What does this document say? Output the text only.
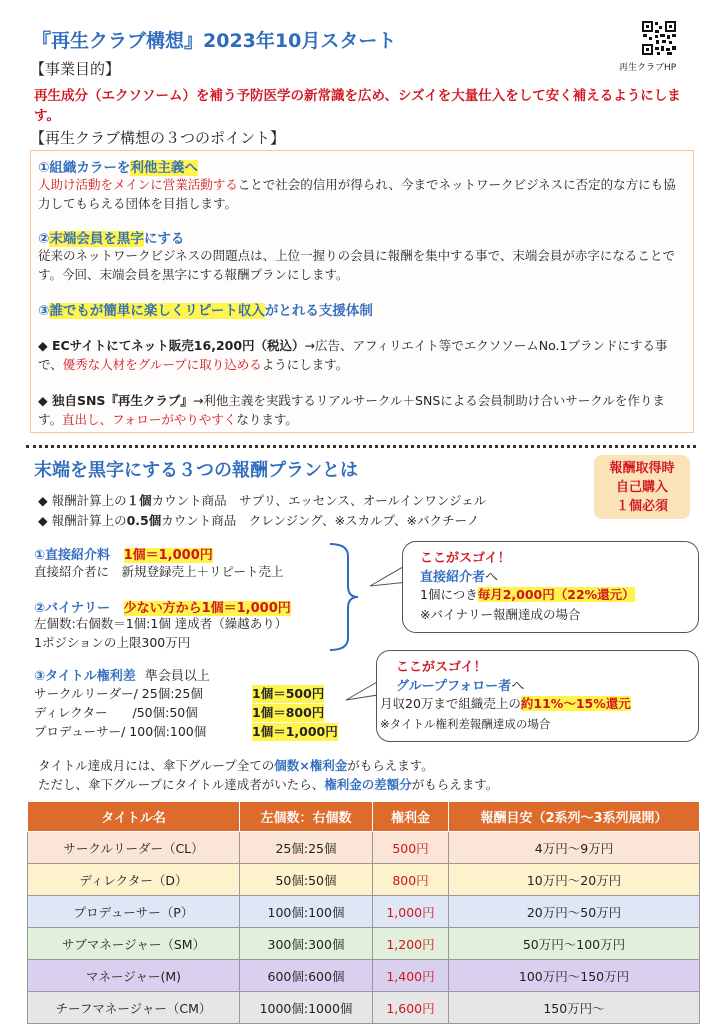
『再生クラブ構想』2023年10月スタート
再生クラブHP
【事業目的】
再生成分（エクソソーム）を補う予防医学の新常識を広め、シズイを大量仕入をして安く補えるようにします。
【再生クラブ構想の３つのポイント】
①組織カラーを利他主義へ
人助け活動をメインに営業活動することで社会的信用が得られ、今までネットワークビジネスに否定的な方にも協力してもらえる団体を目指します。
②末端会員を黒字にする
従来のネットワークビジネスの問題点は、上位一握りの会員に報酬を集中する事で、末端会員が赤字になることです。今回、末端会員を黒字にする報酬プランにします。
③誰でもが簡単に楽しくリピート収入がとれる支援体制
◆ ECサイトにてネット販売16,200円（税込）→広告、アフィリエイト等でエクソソームNo.1ブランドにする事で、優秀な人材をグループに取り込めるようにします。
◆ 独自SNS『再生クラブ』→利他主義を実践するリアルサークル＋SNSによる会員制助け合いサークルを作ります。直出し、フォローがやりやすくなります。
末端を黒字にする３つの報酬プランとは	報酬取得時
自己購入
１個必須
◆ 報酬計算上の１個カウント商品　サプリ、エッセンス、オールインワンジェル
◆ 報酬計算上の0.5個カウント商品　クレンジング、※スカルプ、※パクチーノ
①直接紹介料 1個＝1,000円
直接紹介者に　新規登録売上＋リピート売上
②バイナリー 少ない方から1個＝1,000円
左個数:右個数＝1個:1個 達成者（繰越あり）
1ポジションの上限300万円
ここがスゴイ！
直接紹介者へ
1個につき毎月2,000円（22%還元）
※バイナリー報酬達成の場合
③タイトル権利差 準会員以上
サークルリーダー/ 25個:25個	1個＝500円
ディレクター　　/50個:50個	1個＝800円
プロデューサー/ 100個:100個	1個＝1,000円
ここがスゴイ！
グループフォロー者へ
月収20万まで組織売上の約11%～15%還元
※タイトル権利差報酬達成の場合
タイトル達成月には、傘下グループ全ての個数×権利金がもらえます。
ただし、傘下グループにタイトル達成者がいたら、権利金の差額分がもらえます。
タイトル名	左個数：右個数	権利金	報酬目安（2系列～3系列展開）
サークルリーダー（CL）	25個:25個	500円	4万円～9万円
ディレクター（D）	50個:50個	800円	10万円～20万円
プロデューサー（P）	100個:100個	1,000円	20万円～50万円
サブマネージャー（SM）	300個:300個	1,200円	50万円～100万円
マネージャー(M)	600個:600個	1,400円	100万円～150万円
チーフマネージャー（CM）	1000個:1000個	1,600円	150万円～
